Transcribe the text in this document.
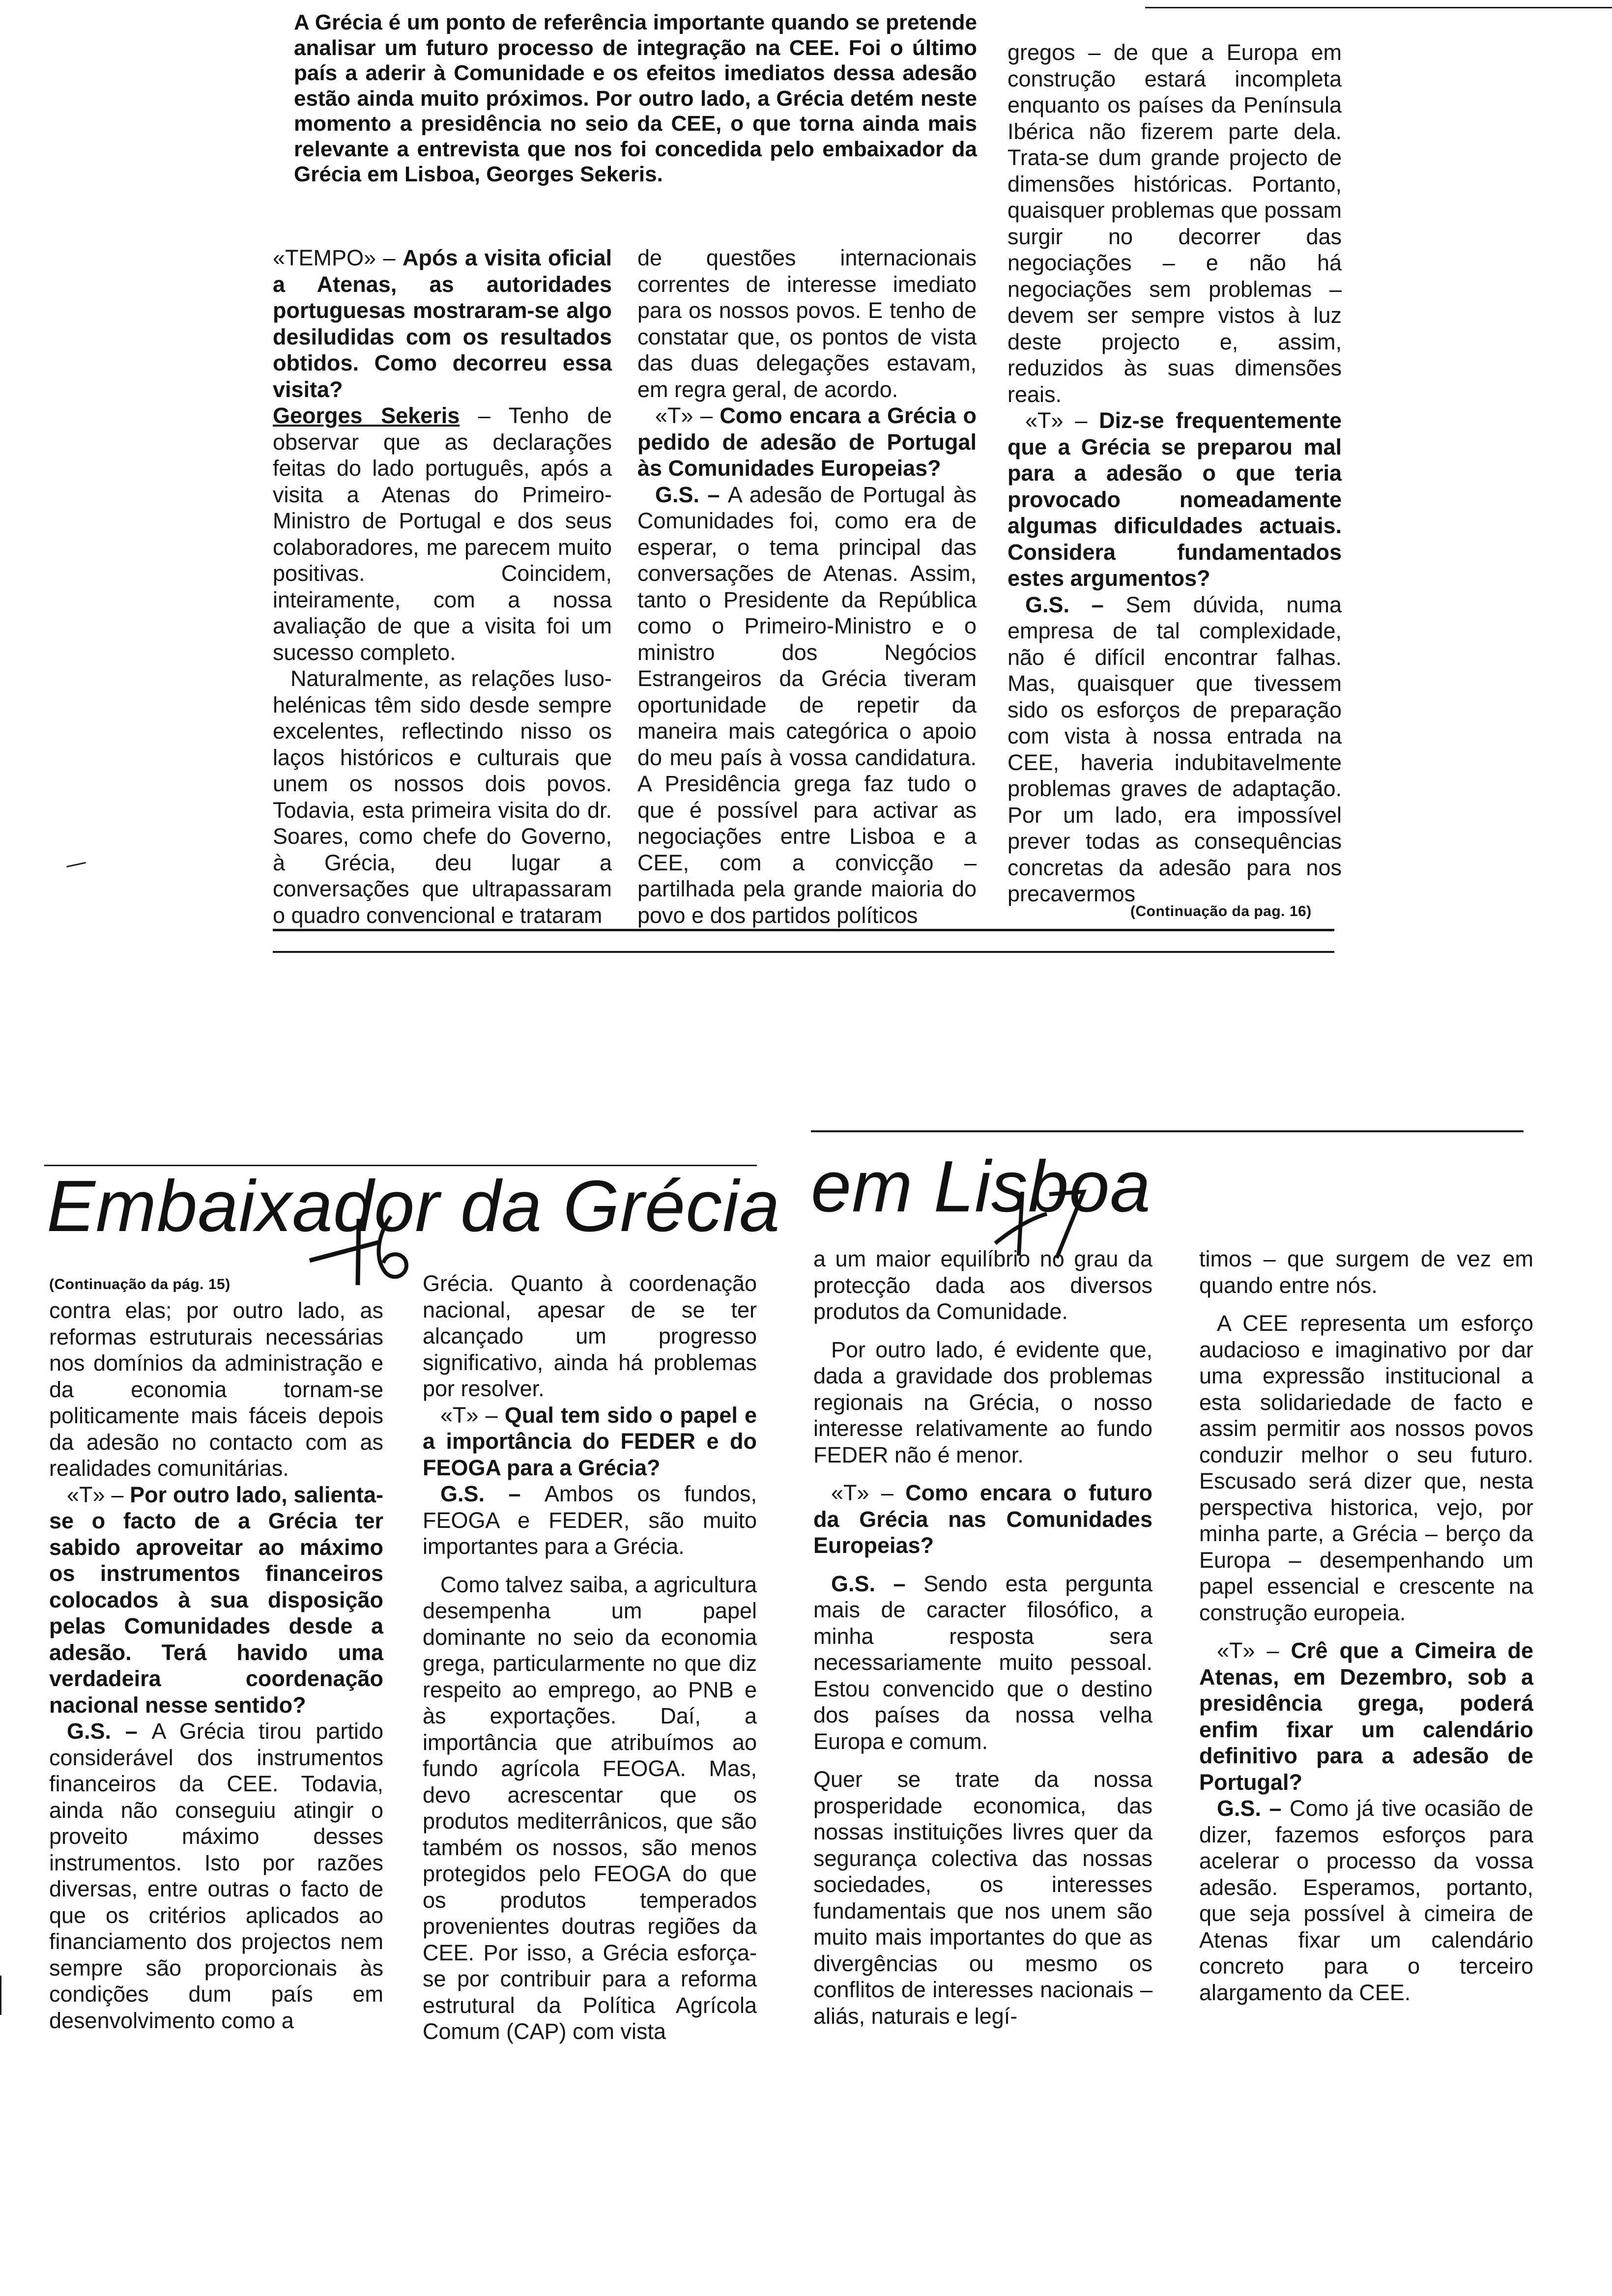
A Grécia é um ponto de referência importante quando se pretende analisar um futuro processo de integração na CEE. Foi o último país a aderir à Comunidade e os efeitos imediatos dessa adesão estão ainda muito próximos. Por outro lado, a Grécia detém neste momento a presidência no seio da CEE, o que torna ainda mais relevante a entrevista que nos foi concedida pelo embaixador da Grécia em Lisboa, Georges Sekeris.

«TEMPO» – Após a visita oficial a Atenas, as autoridades portuguesas mostraram-se algo desiludidas com os resultados obtidos. Como decorreu essa visita?

Georges Sekeris – Tenho de observar que as declarações feitas do lado português, após a visita a Atenas do Primeiro-Ministro de Portugal e dos seus colaboradores, me parecem muito positivas. Coincidem, inteiramente, com a nossa avaliação de que a visita foi um sucesso completo.

Naturalmente, as relações luso-helénicas têm sido desde sempre excelentes, reflectindo nisso os laços históricos e culturais que unem os nossos dois povos. Todavia, esta primeira visita do dr. Soares, como chefe do Governo, à Grécia, deu lugar a conversações que ultrapassaram o quadro convencional e trataram

de questões internacionais correntes de interesse imediato para os nossos povos. E tenho de constatar que, os pontos de vista das duas delegações estavam, em regra geral, de acordo.

«T» – Como encara a Grécia o pedido de adesão de Portugal às Comunidades Europeias?

G.S. – A adesão de Portugal às Comunidades foi, como era de esperar, o tema principal das conversações de Atenas. Assim, tanto o Presidente da República como o Primeiro-Ministro e o ministro dos Negócios Estrangeiros da Grécia tiveram oportunidade de repetir da maneira mais categórica o apoio do meu país à vossa candidatura. A Presidência grega faz tudo o que é possível para activar as negociações entre Lisboa e a CEE, com a convicção – partilhada pela grande maioria do povo e dos partidos políticos

gregos – de que a Europa em construção estará incompleta enquanto os países da Península Ibérica não fizerem parte dela. Trata-se dum grande projecto de dimensões históricas. Portanto, quaisquer problemas que possam surgir no decorrer das negociações – e não há negociações sem problemas – devem ser sempre vistos à luz deste projecto e, assim, reduzidos às suas dimensões reais.

«T» – Diz-se frequentemente que a Grécia se preparou mal para a adesão o que teria provocado nomeadamente algumas dificuldades actuais. Considera fundamentados estes argumentos?

G.S. – Sem dúvida, numa empresa de tal complexidade, não é difícil encontrar falhas. Mas, quaisquer que tivessem sido os esforços de preparação com vista à nossa entrada na CEE, haveria indubitavelmente problemas graves de adaptação. Por um lado, era impossível prever todas as consequências concretas da adesão para nos precavermos

(Continuação da pag. 16)
Embaixador da Grécia em Lisboa
(Continuação da pág. 15)

contra elas; por outro lado, as reformas estruturais necessárias nos domínios da administração e da economia tornam-se politicamente mais fáceis depois da adesão no contacto com as realidades comunitárias.

«T» – Por outro lado, salienta-se o facto de a Grécia ter sabido aproveitar ao máximo os instrumentos financeiros colocados à sua disposição pelas Comunidades desde a adesão. Terá havido uma verdadeira coordenação nacional nesse sentido?

G.S. – A Grécia tirou partido considerável dos instrumentos financeiros da CEE. Todavia, ainda não conseguiu atingir o proveito máximo desses instrumentos. Isto por razões diversas, entre outras o facto de que os critérios aplicados ao financiamento dos projectos nem sempre são proporcionais às condições dum país em desenvolvimento como a

Grécia. Quanto à coordenação nacional, apesar de se ter alcançado um progresso significativo, ainda há problemas por resolver.

«T» – Qual tem sido o papel e a importância do FEDER e do FEOGA para a Grécia?

G.S. – Ambos os fundos, FEOGA e FEDER, são muito importantes para a Grécia.

Como talvez saiba, a agricultura desempenha um papel dominante no seio da economia grega, particularmente no que diz respeito ao emprego, ao PNB e às exportações. Daí, a importância que atribuímos ao fundo agrícola FEOGA. Mas, devo acrescentar que os produtos mediterrânicos, que são também os nossos, são menos protegidos pelo FEOGA do que os produtos temperados provenientes doutras regiões da CEE. Por isso, a Grécia esforça-se por contribuir para a reforma estrutural da Política Agrícola Comum (CAP) com vista

a um maior equilíbrio no grau da protecção dada aos diversos produtos da Comunidade.

Por outro lado, é evidente que, dada a gravidade dos problemas regionais na Grécia, o nosso interesse relativamente ao fundo FEDER não é menor.

«T» – Como encara o futuro da Grécia nas Comunidades Europeias?

G.S. – Sendo esta pergunta mais de caracter filosófico, a minha resposta sera necessariamente muito pessoal. Estou convencido que o destino dos países da nossa velha Europa e comum.

Quer se trate da nossa prosperidade economica, das nossas instituições livres quer da segurança colectiva das nossas sociedades, os interesses fundamentais que nos unem são muito mais importantes do que as divergências ou mesmo os conflitos de interesses nacionais – aliás, naturais e legí-

timos – que surgem de vez em quando entre nós.

A CEE representa um esforço audacioso e imaginativo por dar uma expressão institucional a esta solidariedade de facto e assim permitir aos nossos povos conduzir melhor o seu futuro. Escusado será dizer que, nesta perspectiva historica, vejo, por minha parte, a Grécia – berço da Europa – desempenhando um papel essencial e crescente na construção europeia.

«T» – Crê que a Cimeira de Atenas, em Dezembro, sob a presidência grega, poderá enfim fixar um calendário definitivo para a adesão de Portugal?

G.S. – Como já tive ocasião de dizer, fazemos esforços para acelerar o processo da vossa adesão. Esperamos, portanto, que seja possível à cimeira de Atenas fixar um calendário concreto para o terceiro alargamento da CEE.
